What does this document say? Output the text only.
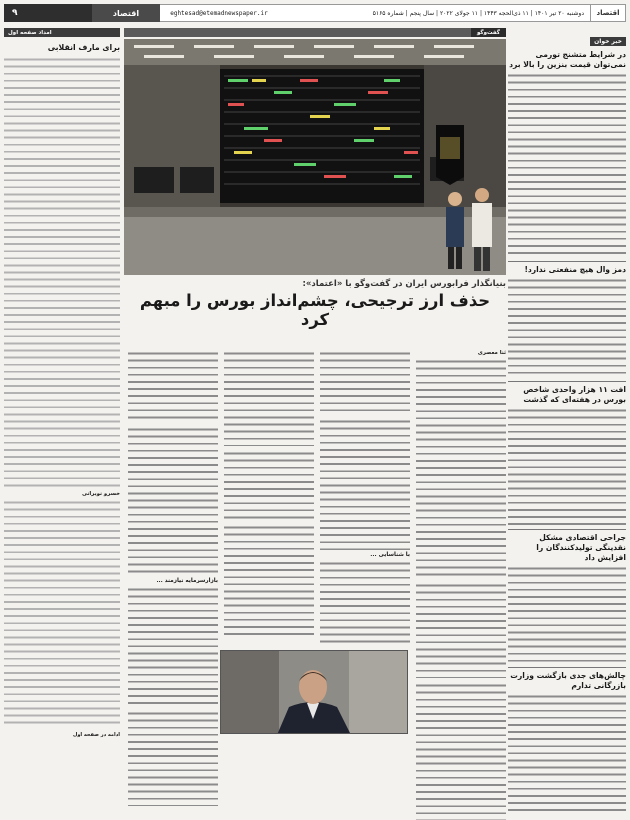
اقتصاد
دوشنبه ۲۰ تیر ۱۴۰۱ | ۱۱ ذی‌الحجه ۱۴۴۳ | ۱۱ جولای ۲۰۲۲ | سال پنجم | شماره ۵۱۶۵
eghtesad@etemadnewspaper.ir
اقتصاد
۹
خبر خوان
در شرایط متشنج تورمی نمی‌توان قیمت بنزین را بالا برد
دمز وال هیچ منفعتی ندارد!
افت ۱۱ هزار واحدی شاخص بورس در هفته‌ای که گذشت
جراحی اقتصادی مشکل نقدینگی تولیدکنندگان را افزایش داد
چالش‌های جدی بازگشت وزارت بازرگانی تدارم
گفت‌وگو
بنیانگذار فرابورس ایران در گفت‌وگو با «اعتماد»:
حذف ارز ترجیحی، چشم‌انداز بورس را مبهم کرد
ثنا معصری
با شناسایی ...
بازارسرمایه نیازمند ...
امداد صفحه اول
برای مارف انقلابی
خسرو نوبرانی
ادامه در صفحه اول
